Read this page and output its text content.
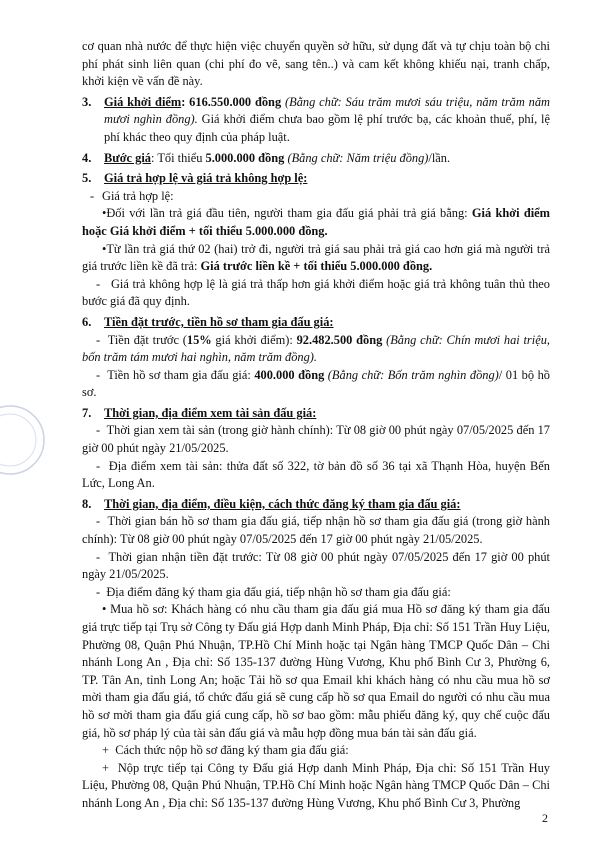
cơ quan nhà nước để thực hiện việc chuyển quyền sở hữu, sử dụng đất và tự chịu toàn bộ chi phí phát sinh liên quan (chi phí đo vẽ, sang tên..) và cam kết không khiếu nại, tranh chấp, khởi kiện về vấn đề này.

3.	Giá khởi điểm: 616.550.000 đồng (Bằng chữ: Sáu trăm mươi sáu triệu, năm trăm năm mươi nghìn đồng). Giá khởi điểm chưa bao gồm lệ phí trước bạ, các khoản thuế, phí, lệ phí khác theo quy định của pháp luật.
4.	Bước giá: Tối thiểu 5.000.000 đồng (Bằng chữ: Năm triệu đồng)/lần.
5.	Giá trả hợp lệ và giá trả không hợp lệ:
- Giá trả hợp lệ:

•Đối với lần trả giá đầu tiên, người tham gia đấu giá phải trả giá bằng: Giá khởi điểm hoặc Giá khởi điểm + tối thiểu 5.000.000 đồng.

•Từ lần trả giá thứ 02 (hai) trở đi, người trả giá sau phải trả giá cao hơn giá mà người trả giá trước liền kề đã trả: Giá trước liền kề + tối thiểu 5.000.000 đồng.

- Giá trả không hợp lệ là giá trả thấp hơn giá khởi điểm hoặc giá trả không tuân thủ theo bước giá đã quy định.

6.	Tiền đặt trước, tiền hồ sơ tham gia đấu giá:

- Tiền đặt trước (15% giá khởi điểm): 92.482.500 đồng (Bằng chữ: Chín mươi hai triệu, bốn trăm tám mươi hai nghìn, năm trăm đồng).

- Tiền hồ sơ tham gia đấu giá: 400.000 đồng (Bằng chữ: Bốn trăm nghìn đồng)/ 01 bộ hồ sơ.

7.	Thời gian, địa điểm xem tài sản đấu giá:

- Thời gian xem tài sản (trong giờ hành chính): Từ 08 giờ 00 phút ngày 07/05/2025 đến 17 giờ 00 phút ngày 21/05/2025.

- Địa điểm xem tài sản: thửa đất số 322, tờ bản đồ số 36 tại xã Thạnh Hòa, huyện Bến Lức, Long An.

8.	Thời gian, địa điểm, điều kiện, cách thức đăng ký tham gia đấu giá:

- Thời gian bán hồ sơ tham gia đấu giá, tiếp nhận hồ sơ tham gia đấu giá (trong giờ hành chính): Từ 08 giờ 00 phút ngày 07/05/2025 đến 17 giờ 00 phút ngày 21/05/2025.

- Thời gian nhận tiền đặt trước: Từ 08 giờ 00 phút ngày 07/05/2025 đến 17 giờ 00 phút ngày 21/05/2025.

- Địa điểm đăng ký tham gia đấu giá, tiếp nhận hồ sơ tham gia đấu giá:

• Mua hồ sơ: Khách hàng có nhu cầu tham gia đấu giá mua Hồ sơ đăng ký tham gia đấu giá trực tiếp tại Trụ sở Công ty Đấu giá Hợp danh Minh Pháp, Địa chỉ: Số 151 Trần Huy Liệu, Phường 08, Quận Phú Nhuận, TP.Hồ Chí Minh hoặc tại Ngân hàng TMCP Quốc Dân – Chi nhánh Long An , Địa chỉ: Số 135-137 đường Hùng Vương, Khu phố Bình Cư 3, Phường 6, TP. Tân An, tỉnh Long An; hoặc Tải hồ sơ qua Email khi khách hàng có nhu cầu mua hồ sơ mời tham gia đấu giá, tổ chức đấu giá sẽ cung cấp hồ sơ qua Email do người có nhu cầu mua hồ sơ mời tham gia đấu giá cung cấp, hồ sơ bao gồm: mẫu phiếu đăng ký, quy chế cuộc đấu giá, hồ sơ pháp lý của tài sản đấu giá và mẫu hợp đồng mua bán tài sản đấu giá.

+ Cách thức nộp hồ sơ đăng ký tham gia đấu giá:

+ Nộp trực tiếp tại Công ty Đấu giá Hợp danh Minh Pháp, Địa chỉ: Số 151 Trần Huy Liệu, Phường 08, Quận Phú Nhuận, TP.Hồ Chí Minh hoặc Ngân hàng TMCP Quốc Dân – Chi nhánh Long An , Địa chỉ: Số 135-137 đường Hùng Vương, Khu phố Bình Cư 3, Phường

2
